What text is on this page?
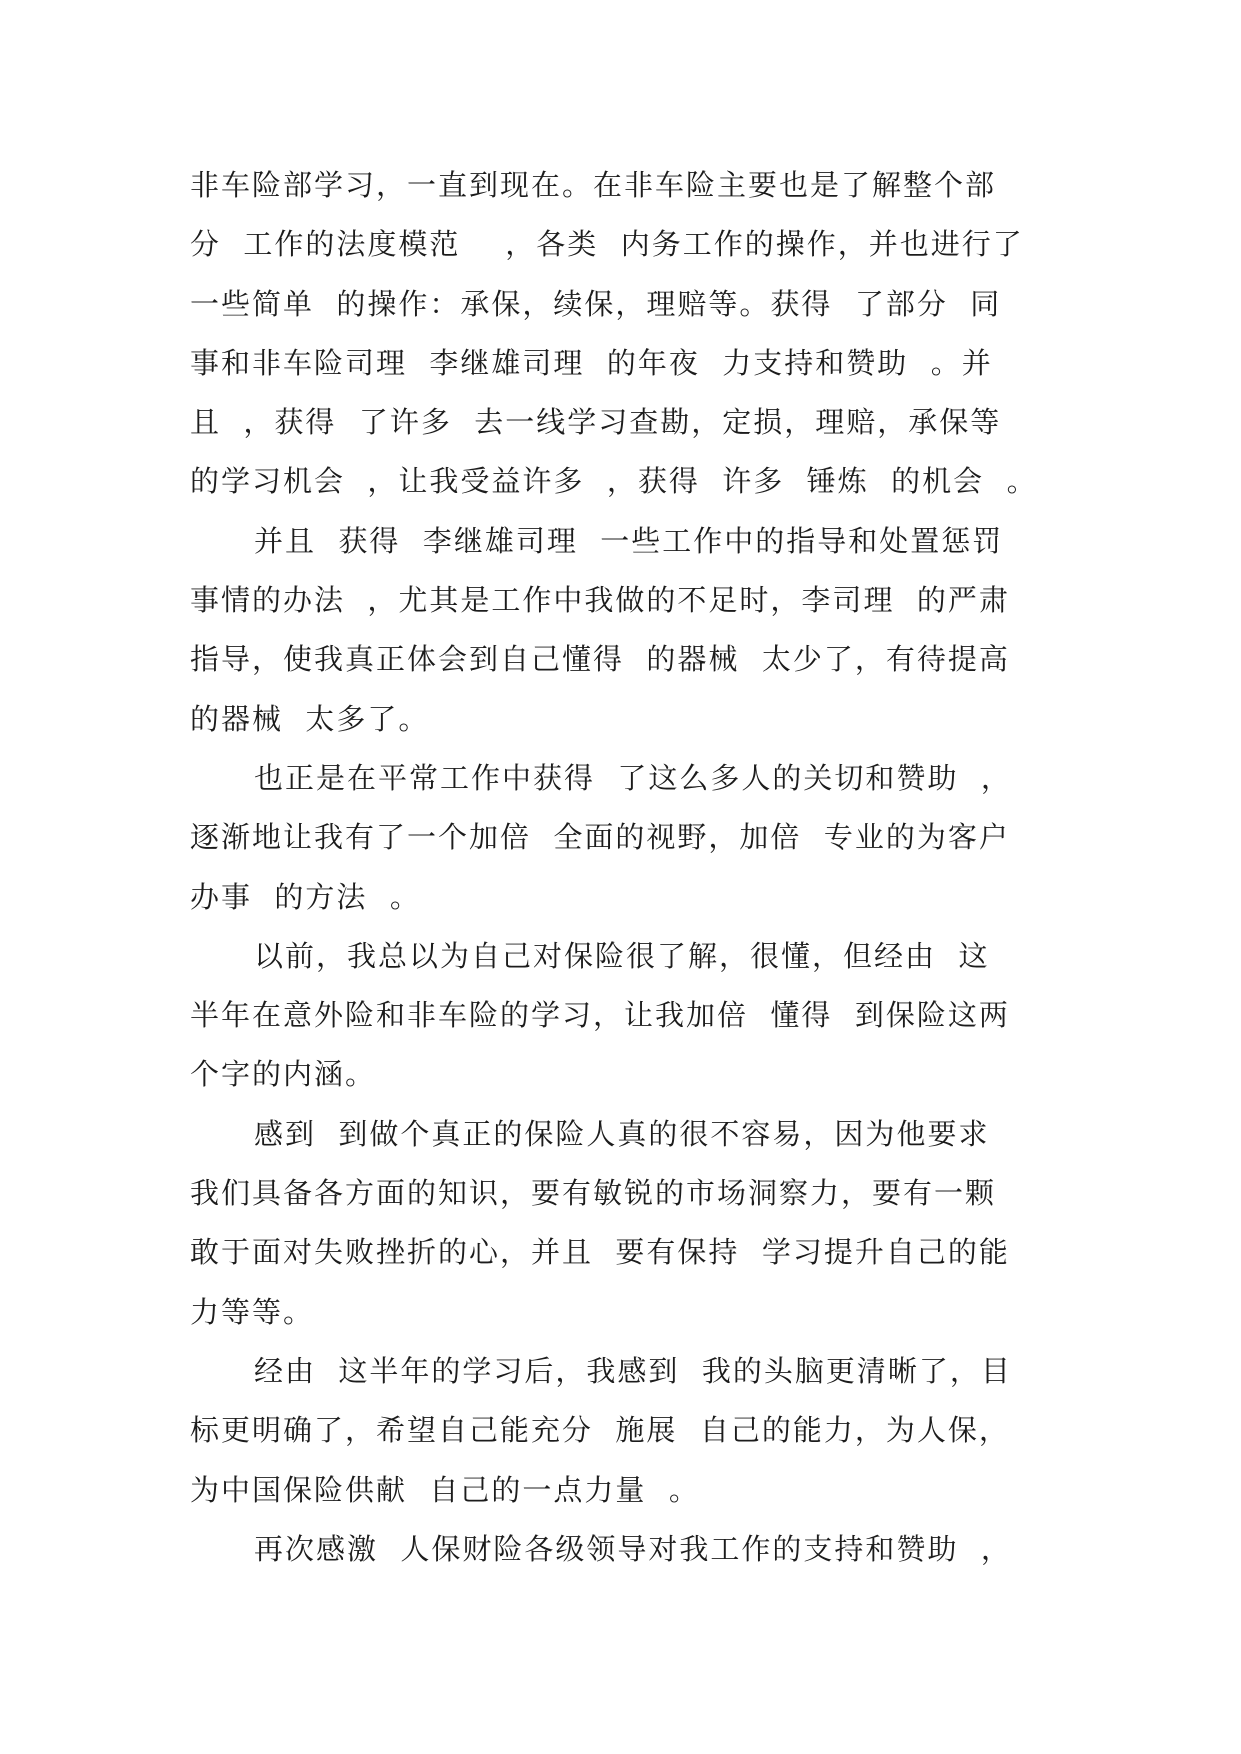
非车险部学习，一直到现在。在非车险主要也是了解整个部
分  工作的法度模范    ，各类  内务工作的操作，并也进行了
一些简单  的操作：承保，续保，理赔等。获得  了部分  同
事和非车险司理  李继雄司理  的年夜  力支持和赞助  。并
且  ，获得  了许多  去一线学习查勘，定损，理赔，承保等
的学习机会  ，让我受益许多  ，获得  许多  锤炼  的机会  。
并且  获得  李继雄司理  一些工作中的指导和处置惩罚
事情的办法  ，尤其是工作中我做的不足时，李司理  的严肃
指导，使我真正体会到自己懂得  的器械  太少了，有待提高
的器械  太多了。
也正是在平常工作中获得  了这么多人的关切和赞助  ，
逐渐地让我有了一个加倍  全面的视野，加倍  专业的为客户
办事  的方法  。
以前，我总以为自己对保险很了解，很懂，但经由  这
半年在意外险和非车险的学习，让我加倍  懂得  到保险这两
个字的内涵。
感到  到做个真正的保险人真的很不容易，因为他要求
我们具备各方面的知识，要有敏锐的市场洞察力，要有一颗
敢于面对失败挫折的心，并且  要有保持  学习提升自己的能
力等等。
经由  这半年的学习后，我感到  我的头脑更清晰了，目
标更明确了，希望自己能充分  施展  自己的能力，为人保，
为中国保险供献  自己的一点力量  。
再次感激  人保财险各级领导对我工作的支持和赞助  ，
